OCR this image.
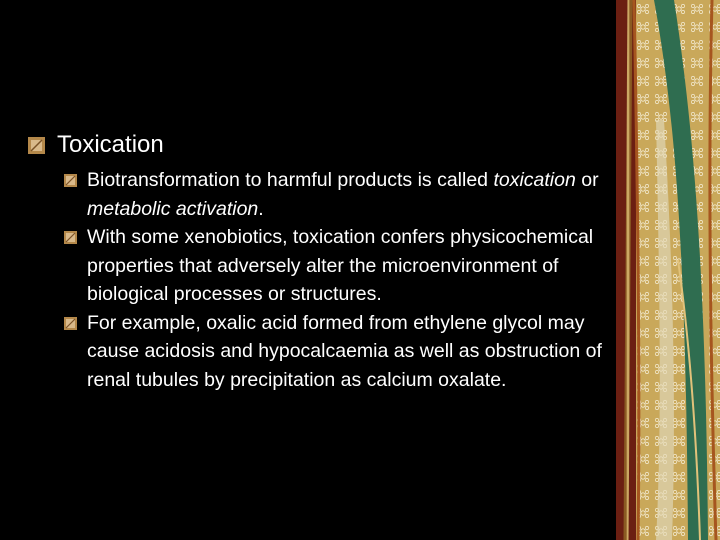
Toxication
Biotransformation to harmful products is called toxication or metabolic activation.
With some xenobiotics, toxication confers physicochemical properties that adversely alter the microenvironment of biological processes or structures.
For example, oxalic acid formed from ethylene glycol may cause acidosis and hypocalcaemia as well as obstruction of renal tubules by precipitation as calcium oxalate.
